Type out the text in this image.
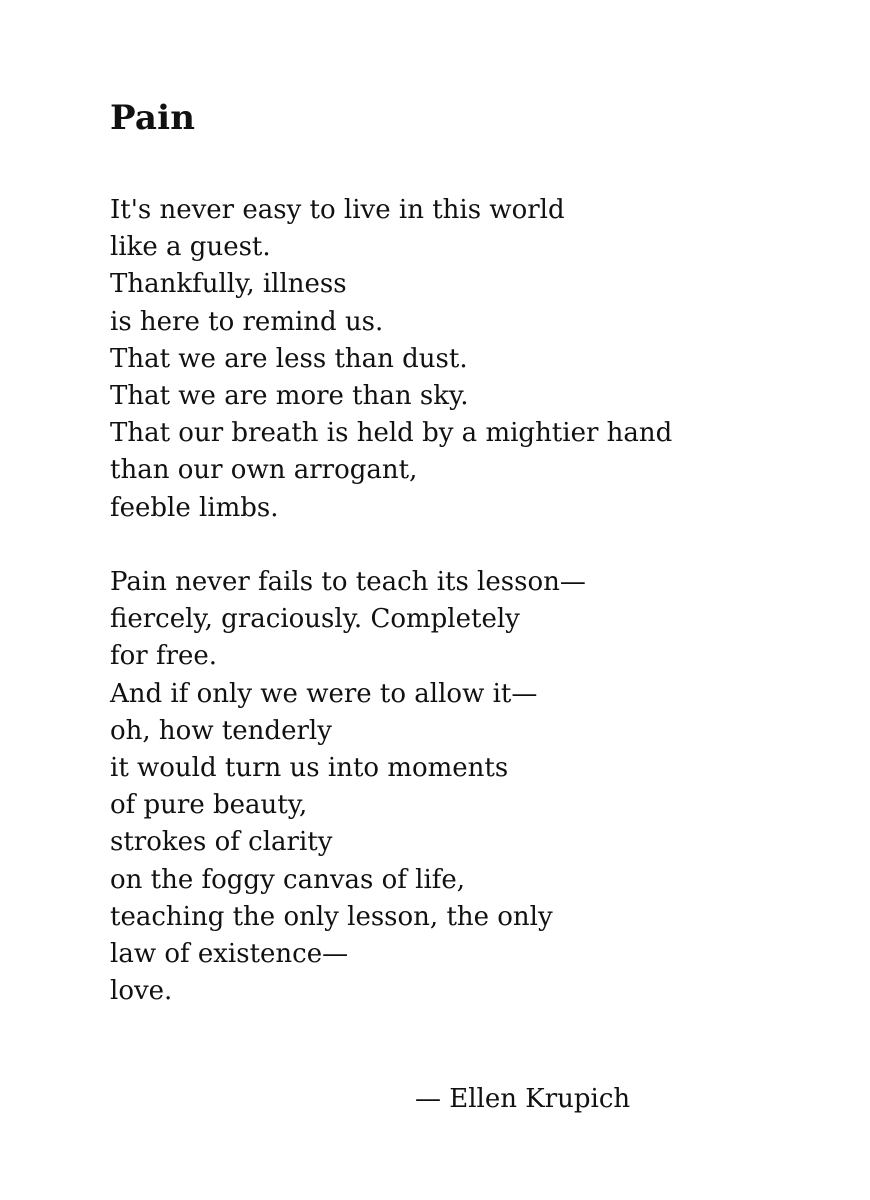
Pain
It's never easy to live in this world
like a guest.
Thankfully, illness
is here to remind us.
That we are less than dust.
That we are more than sky.
That our breath is held by a mightier hand
than our own arrogant,
feeble limbs.
Pain never fails to teach its lesson—
fiercely, graciously. Completely
for free.
And if only we were to allow it—
oh, how tenderly
it would turn us into moments
of pure beauty,
strokes of clarity
on the foggy canvas of life,
teaching the only lesson, the only
law of existence—
love.

— Ellen Krupich
